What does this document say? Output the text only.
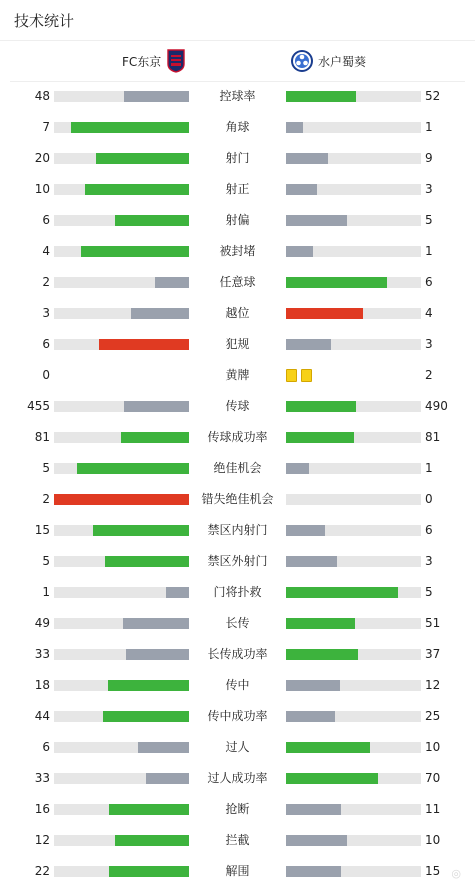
技术统计
FC东京	水户蜀葵
48	控球率	52
7	角球	1
20	射门	9
10	射正	3
6	射偏	5
4	被封堵	1
2	任意球	6
3	越位	4
6	犯规	3
0	黄牌	2
455	传球	490
81	传球成功率	81
5	绝佳机会	1
2	错失绝佳机会	0
15	禁区内射门	6
5	禁区外射门	3
1	门将扑救	5
49	长传	51
33	长传成功率	37
18	传中	12
44	传中成功率	25
6	过人	10
33	过人成功率	70
16	抢断	11
12	拦截	10
22	解围	15 ◎
